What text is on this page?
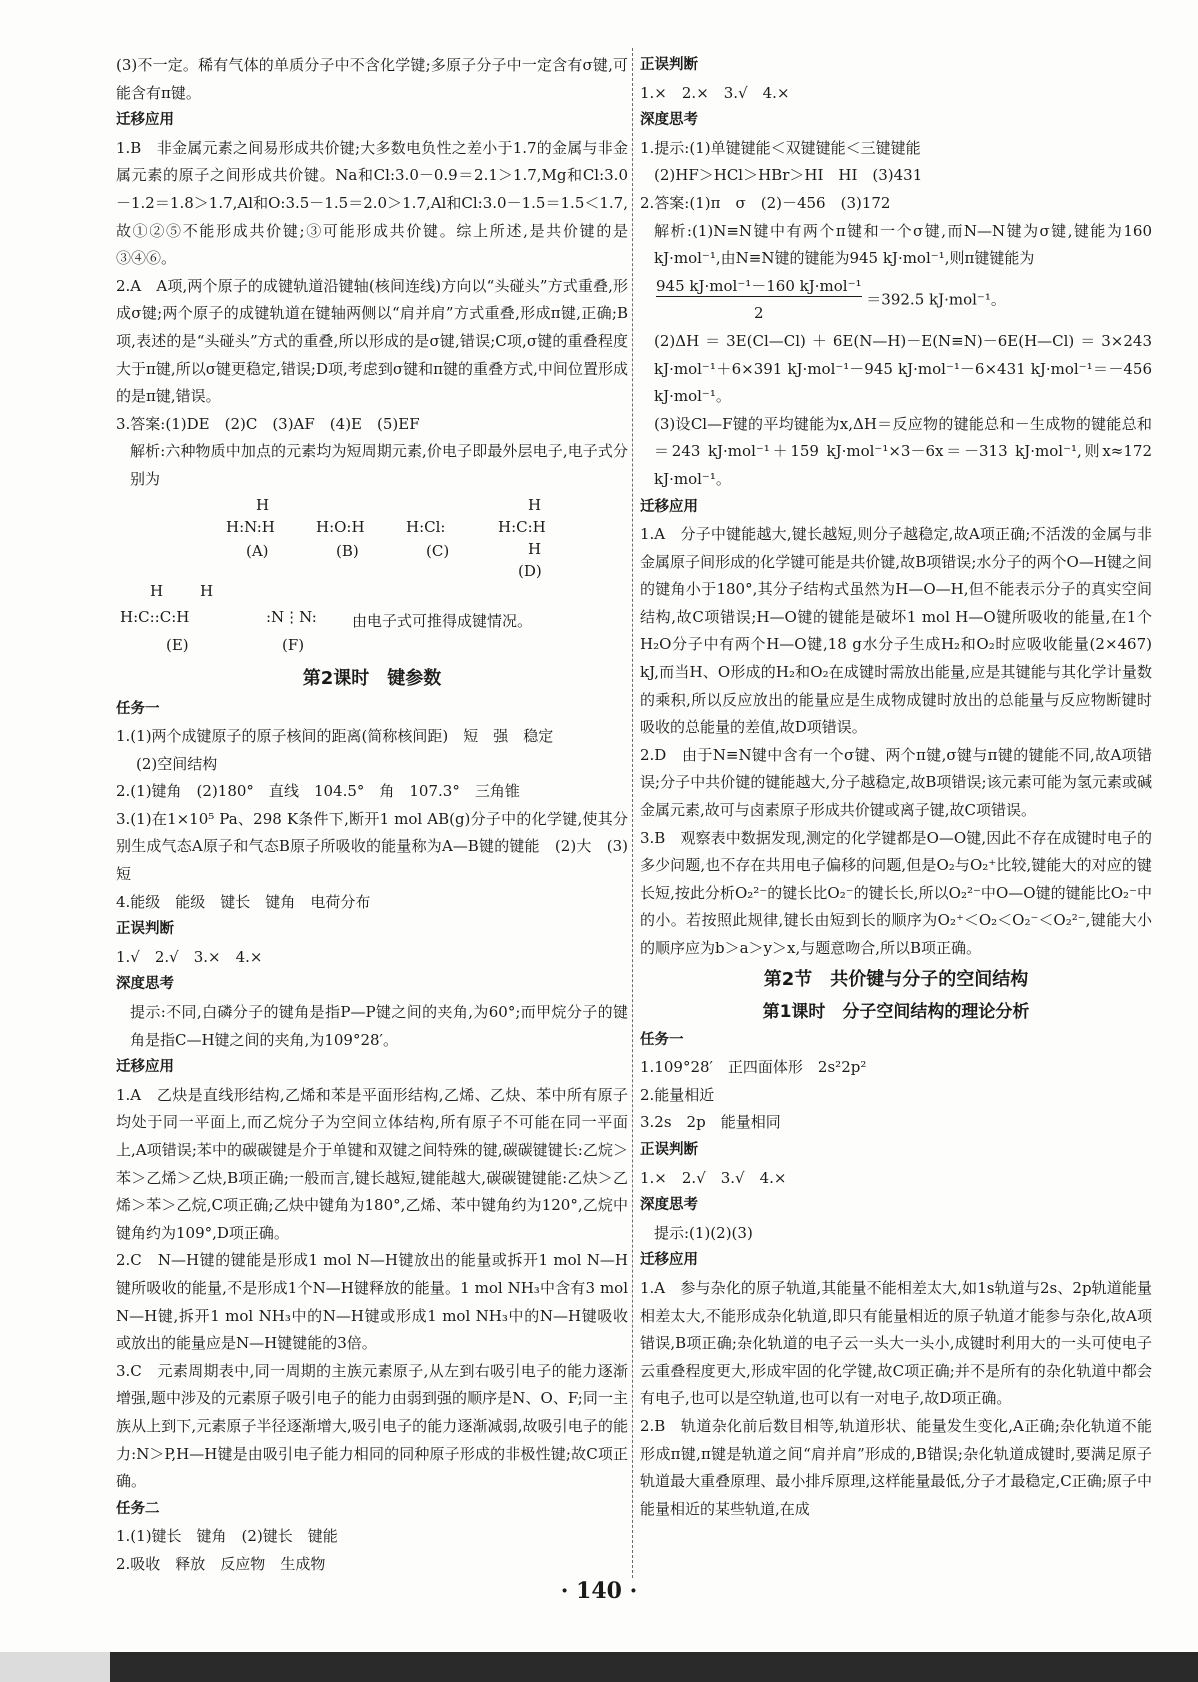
(3)不一定。稀有气体的单质分子中不含化学键;多原子分子中一定含有σ键,可能含有π键。

迁移应用

1.B　非金属元素之间易形成共价键;大多数电负性之差小于1.7的金属与非金属元素的原子之间形成共价键。Na和Cl:3.0－0.9＝2.1＞1.7,Mg和Cl:3.0－1.2＝1.8＞1.7,Al和O:3.5－1.5＝2.0＞1.7,Al和Cl:3.0－1.5＝1.5＜1.7,故①②⑤不能形成共价键;③可能形成共价键。综上所述,是共价键的是③④⑥。

2.A　A项,两个原子的成键轨道沿键轴(核间连线)方向以“头碰头”方式重叠,形成σ键;两个原子的成键轨道在键轴两侧以“肩并肩”方式重叠,形成π键,正确;B项,表述的是“头碰头”方式的重叠,所以形成的是σ键,错误;C项,σ键的重叠程度大于π键,所以σ键更稳定,错误;D项,考虑到σ键和π键的重叠方式,中间位置形成的是π键,错误。

3.答案:(1)DE　(2)C　(3)AF　(4)E　(5)EF

解析:六种物质中加点的元素均为短周期元素,价电子即最外层电子,电子式分别为

H
H:N:H
(A)
H:O:H
(B)
H:Cl:
(C)
H
H:C:H
H
(D)
H H
H:C::C:H
(E)
:N⋮N:
(F)
由电子式可推得成键情况。

第2课时　键参数

任务一

1.(1)两个成键原子的原子核间的距离(简称核间距)　短　强　稳定

(2)空间结构

2.(1)键角　(2)180°　直线　104.5°　角　107.3°　三角锥

3.(1)在1×10⁵ Pa、298 K条件下,断开1 mol AB(g)分子中的化学键,使其分别生成气态A原子和气态B原子所吸收的能量称为A—B键的键能　(2)大　(3)短

4.能级　能级　键长　键角　电荷分布

正误判断

1.√　2.√　3.×　4.×

深度思考

提示:不同,白磷分子的键角是指P—P键之间的夹角,为60°;而甲烷分子的键角是指C—H键之间的夹角,为109°28′。

迁移应用

1.A　乙炔是直线形结构,乙烯和苯是平面形结构,乙烯、乙炔、苯中所有原子均处于同一平面上,而乙烷分子为空间立体结构,所有原子不可能在同一平面上,A项错误;苯中的碳碳键是介于单键和双键之间特殊的键,碳碳键键长:乙烷＞苯＞乙烯＞乙炔,B项正确;一般而言,键长越短,键能越大,碳碳键键能:乙炔＞乙烯＞苯＞乙烷,C项正确;乙炔中键角为180°,乙烯、苯中键角约为120°,乙烷中键角约为109°,D项正确。

2.C　N—H键的键能是形成1 mol N—H键放出的能量或拆开1 mol N—H键所吸收的能量,不是形成1个N—H键释放的能量。1 mol NH₃中含有3 mol N—H键,拆开1 mol NH₃中的N—H键或形成1 mol NH₃中的N—H键吸收或放出的能量应是N—H键键能的3倍。

3.C　元素周期表中,同一周期的主族元素原子,从左到右吸引电子的能力逐渐增强,题中涉及的元素原子吸引电子的能力由弱到强的顺序是N、O、F;同一主族从上到下,元素原子半径逐渐增大,吸引电子的能力逐渐减弱,故吸引电子的能力:N＞P,H—H键是由吸引电子能力相同的同种原子形成的非极性键;故C项正确。

任务二

1.(1)键长　键角　(2)键长　键能

2.吸收　释放　反应物　生成物

正误判断

1.×　2.×　3.√　4.×

深度思考

1.提示:(1)单键键能＜双键键能＜三键键能

(2)HF＞HCl＞HBr＞HI　HI　(3)431

2.答案:(1)π　σ　(2)－456　(3)172

解析:(1)N≡N键中有两个π键和一个σ键,而N—N键为σ键,键能为160 kJ·mol⁻¹,由N≡N键的键能为945 kJ·mol⁻¹,则π键键能为

945 kJ·mol⁻¹－160 kJ·mol⁻¹
2 ＝392.5 kJ·mol⁻¹。

(2)ΔH＝3E(Cl—Cl)＋6E(N—H)－E(N≡N)－6E(H—Cl)＝3×243 kJ·mol⁻¹＋6×391 kJ·mol⁻¹－945 kJ·mol⁻¹－6×431 kJ·mol⁻¹＝－456 kJ·mol⁻¹。

(3)设Cl—F键的平均键能为x,ΔH＝反应物的键能总和－生成物的键能总和＝243 kJ·mol⁻¹＋159 kJ·mol⁻¹×3－6x＝－313 kJ·mol⁻¹,则x≈172 kJ·mol⁻¹。

迁移应用

1.A　分子中键能越大,键长越短,则分子越稳定,故A项正确;不活泼的金属与非金属原子间形成的化学键可能是共价键,故B项错误;水分子的两个O—H键之间的键角小于180°,其分子结构式虽然为H—O—H,但不能表示分子的真实空间结构,故C项错误;H—O键的键能是破坏1 mol H—O键所吸收的能量,在1个H₂O分子中有两个H—O键,18 g水分子生成H₂和O₂时应吸收能量(2×467) kJ,而当H、O形成的H₂和O₂在成键时需放出能量,应是其键能与其化学计量数的乘积,所以反应放出的能量应是生成物成键时放出的总能量与反应物断键时吸收的总能量的差值,故D项错误。

2.D　由于N≡N键中含有一个σ键、两个π键,σ键与π键的键能不同,故A项错误;分子中共价键的键能越大,分子越稳定,故B项错误;该元素可能为氢元素或碱金属元素,故可与卤素原子形成共价键或离子键,故C项错误。

3.B　观察表中数据发现,测定的化学键都是O—O键,因此不存在成键时电子的多少问题,也不存在共用电子偏移的问题,但是O₂与O₂⁺比较,键能大的对应的键长短,按此分析O₂²⁻的键长比O₂⁻的键长长,所以O₂²⁻中O—O键的键能比O₂⁻中的小。若按照此规律,键长由短到长的顺序为O₂⁺＜O₂＜O₂⁻＜O₂²⁻,键能大小的顺序应为b＞a＞y＞x,与题意吻合,所以B项正确。

第2节　共价键与分子的空间结构

第1课时　分子空间结构的理论分析

任务一

1.109°28′　正四面体形　2s²2p²

2.能量相近

3.2s　2p　能量相同

正误判断

1.×　2.√　3.√　4.×

深度思考

提示:(1)(2)(3)

迁移应用

1.A　参与杂化的原子轨道,其能量不能相差太大,如1s轨道与2s、2p轨道能量相差太大,不能形成杂化轨道,即只有能量相近的原子轨道才能参与杂化,故A项错误,B项正确;杂化轨道的电子云一头大一头小,成键时利用大的一头可使电子云重叠程度更大,形成牢固的化学键,故C项正确;并不是所有的杂化轨道中都会有电子,也可以是空轨道,也可以有一对电子,故D项正确。

2.B　轨道杂化前后数目相等,轨道形状、能量发生变化,A正确;杂化轨道不能形成π键,π键是轨道之间“肩并肩”形成的,B错误;杂化轨道成键时,要满足原子轨道最大重叠原理、最小排斥原理,这样能量最低,分子才最稳定,C正确;原子中能量相近的某些轨道,在成

· 140 ·
